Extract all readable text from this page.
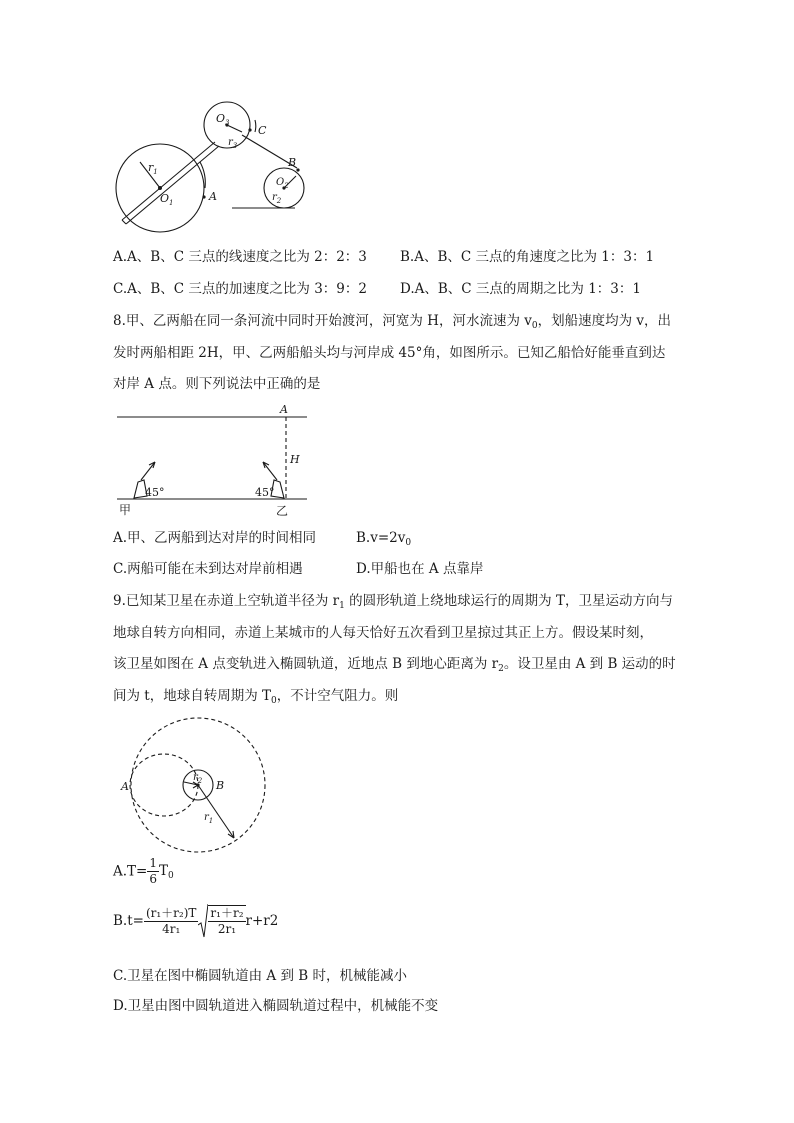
$O_3$
C
$r_3$
B
$O_2$
$r_2$
$r_1$
$O_1$	A
A.A、B、C 三点的线速度之比为 2：2：3 B.A、B、C 三点的角速度之比为 1：3：1
C.A、B、C 三点的加速度之比为 3：9：2 D.A、B、C 三点的周期之比为 1：3：1
8.甲、乙两船在同一条河流中同时开始渡河，河宽为 H，河水流速为 $v_0$，划船速度均为 v，出
发时两船相距 2H，甲、乙两船船头均与河岸成 45°角，如图所示。已知乙船恰好能垂直到达
对岸 A 点。则下列说法中正确的是
A
H
45°	45°
甲	乙
A.甲、乙两船到达对岸的时间相同	$B.v=2v_0$
C.两船可能在未到达对岸前相遇	D.甲船也在 A 点靠岸
9.已知某卫星在赤道上空轨道半径为 $r_1$ 的圆形轨道上绕地球运行的周期为 T，卫星运动方向与
地球自转方向相同，赤道上某城市的人每天恰好五次看到卫星掠过其正上方。假设某时刻，
该卫星如图在 A 点变轨进入椭圆轨道，近地点 B 到地心距离为 $r_2$。设卫星由 A 到 B 运动的时
间为 t，地球自转周期为 $T_0$，不计空气阻力。则
A	B
$r_2$
$r_1$
$A.T= \frac{1}{6} T_0$
$B.t= \frac{\text{(r₁＋r₂)T}}{\text{4r₁}} \frac{\text{r₁＋r₂}}{\text{2r₁}} r+r2$
C.卫星在图中椭圆轨道由 A 到 B 时，机械能减小
D.卫星由图中圆轨道进入椭圆轨道过程中，机械能不变
